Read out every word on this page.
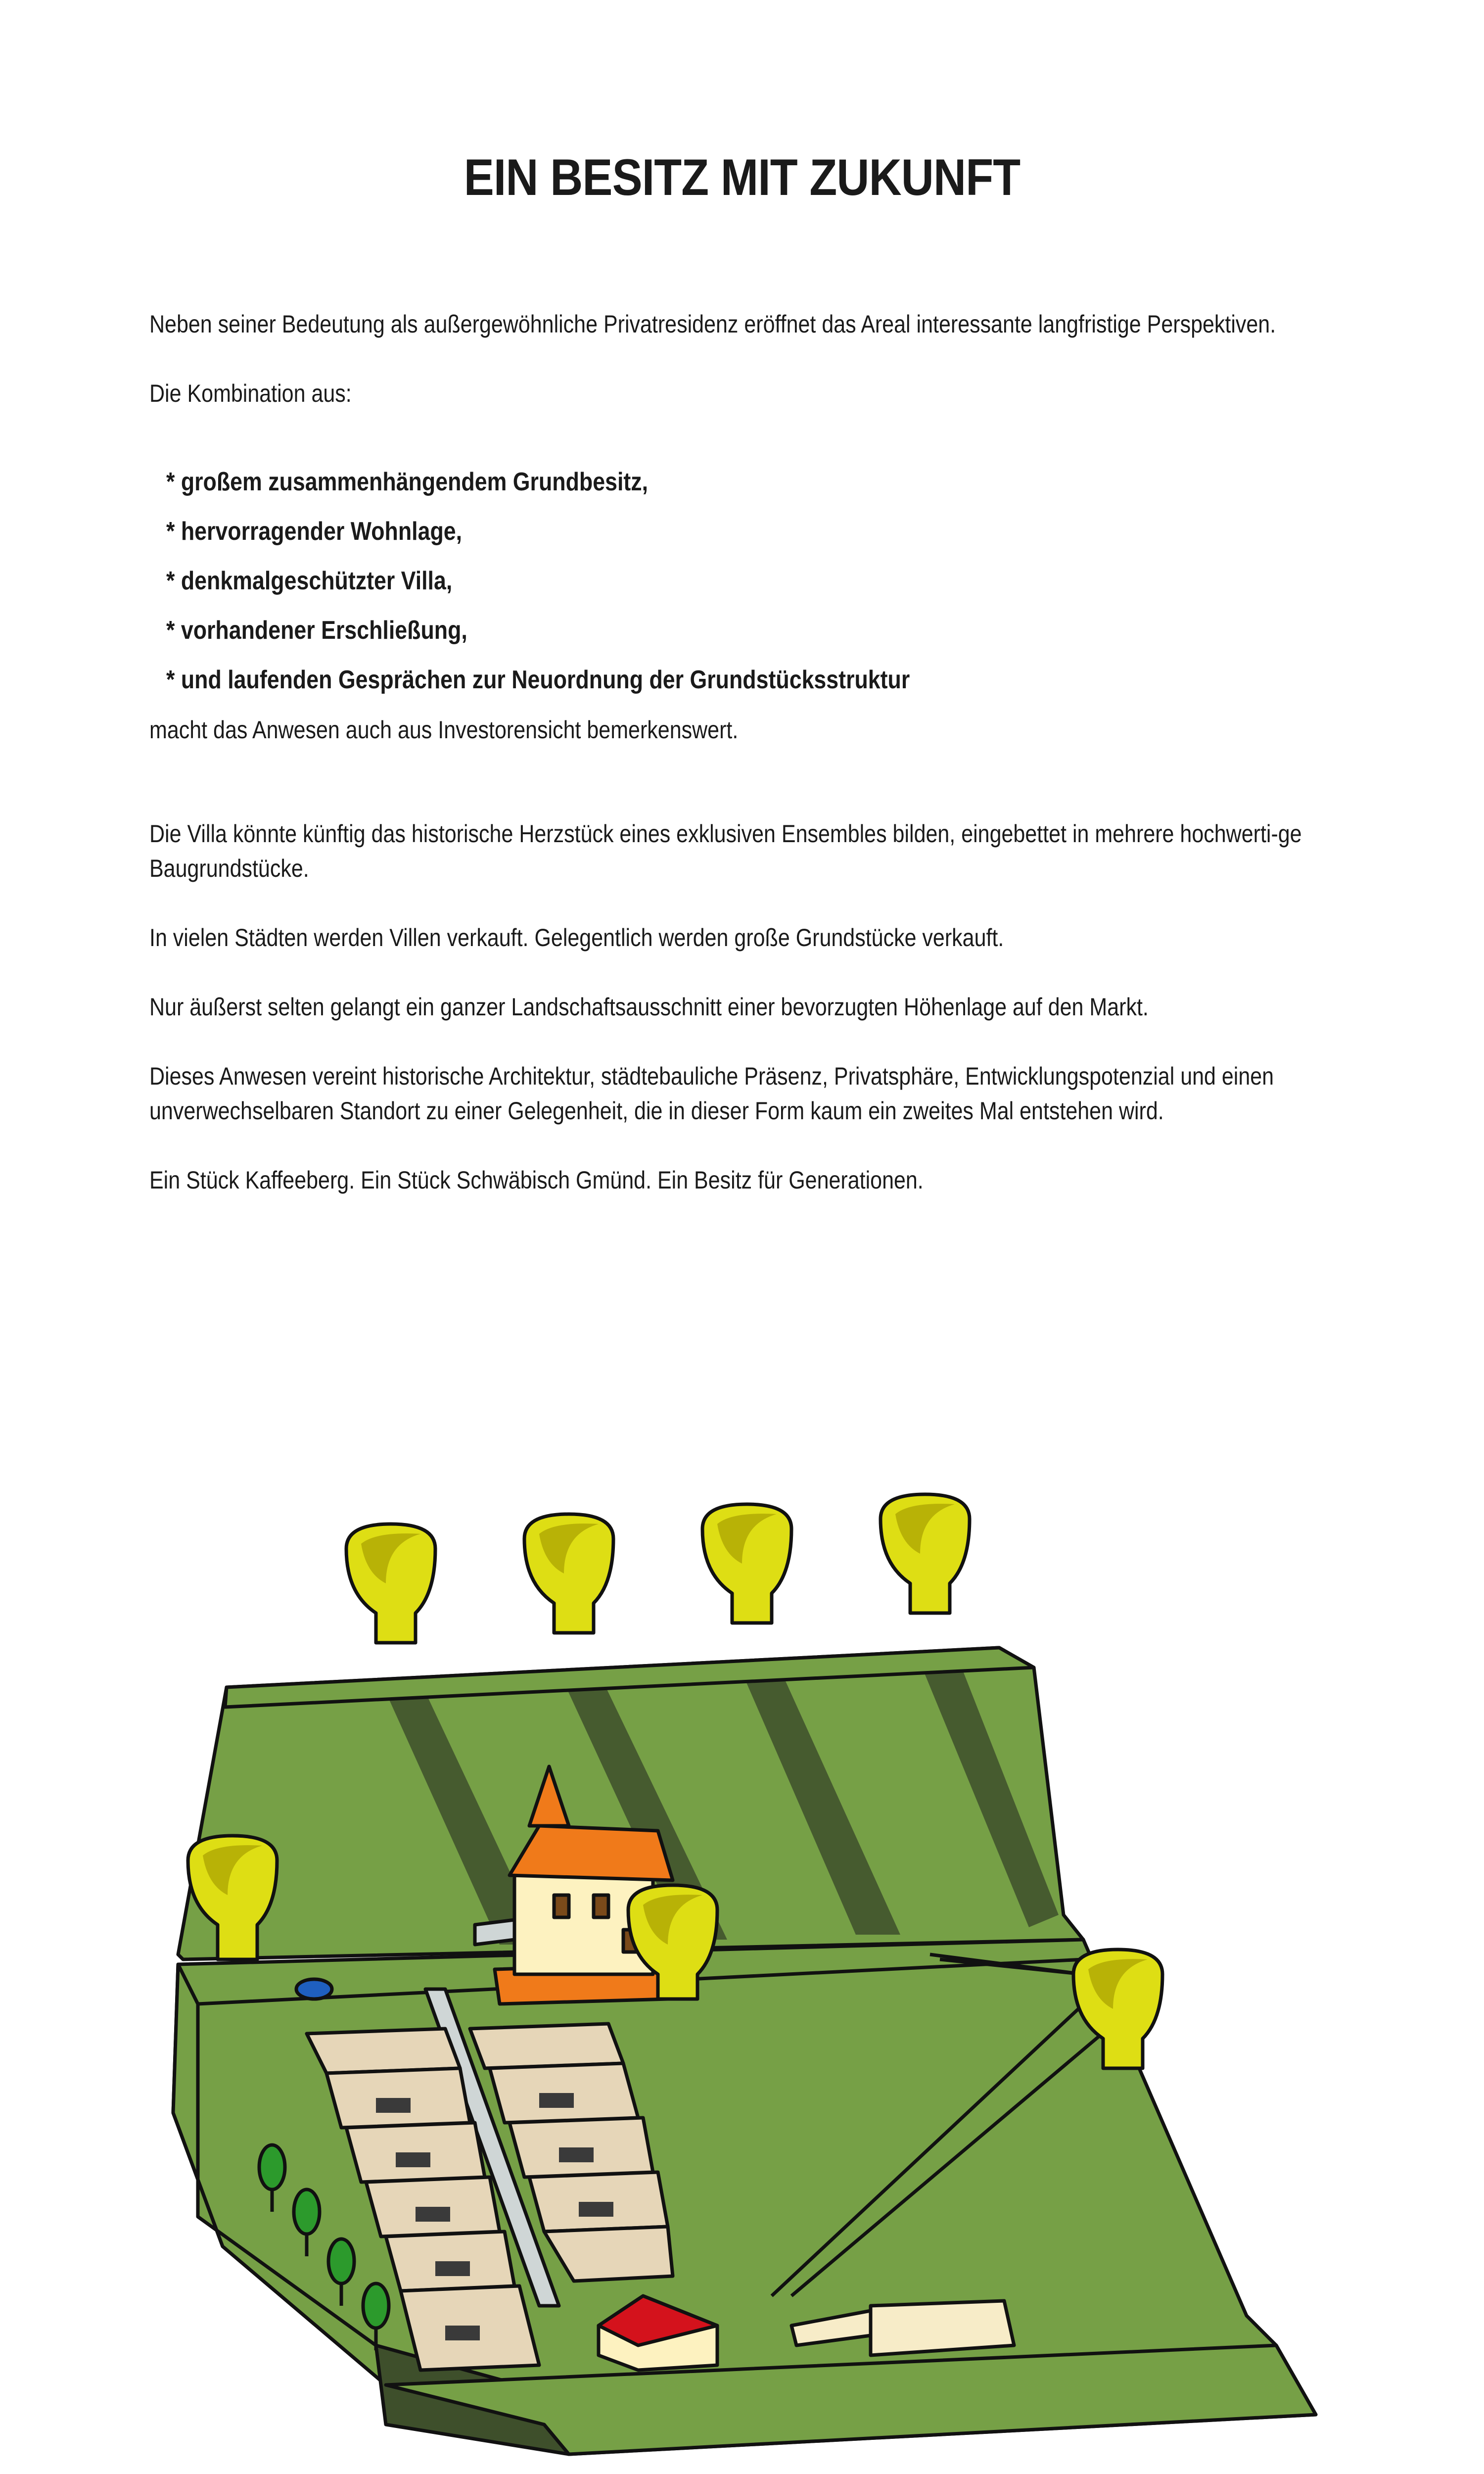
EIN BESITZ MIT ZUKUNFT

Neben seiner Bedeutung als außergewöhnliche Privatresidenz eröffnet das Areal interessante langfristige Perspektiven.

Die Kombination aus:

* großem zusammenhängendem Grundbesitz,
* hervorragender Wohnlage,
* denkmalgeschützter Villa,
* vorhandener Erschließung,
* und laufenden Gesprächen zur Neuordnung der Grundstücksstruktur

macht das Anwesen auch aus Investorensicht bemerkenswert.

Die Villa könnte künftig das historische Herzstück eines exklusiven Ensembles bilden, eingebettet in mehrere hochwerti-ge Baugrundstücke.

In vielen Städten werden Villen verkauft. Gelegentlich werden große Grundstücke verkauft.

Nur äußerst selten gelangt ein ganzer Landschaftsausschnitt einer bevorzugten Höhenlage auf den Markt.

Dieses Anwesen vereint historische Architektur, städtebauliche Präsenz, Privatsphäre, Entwicklungspotenzial und einen unverwechselbaren Standort zu einer Gelegenheit, die in dieser Form kaum ein zweites Mal entstehen wird.

Ein Stück Kaffeeberg. Ein Stück Schwäbisch Gmünd. Ein Besitz für Generationen.
